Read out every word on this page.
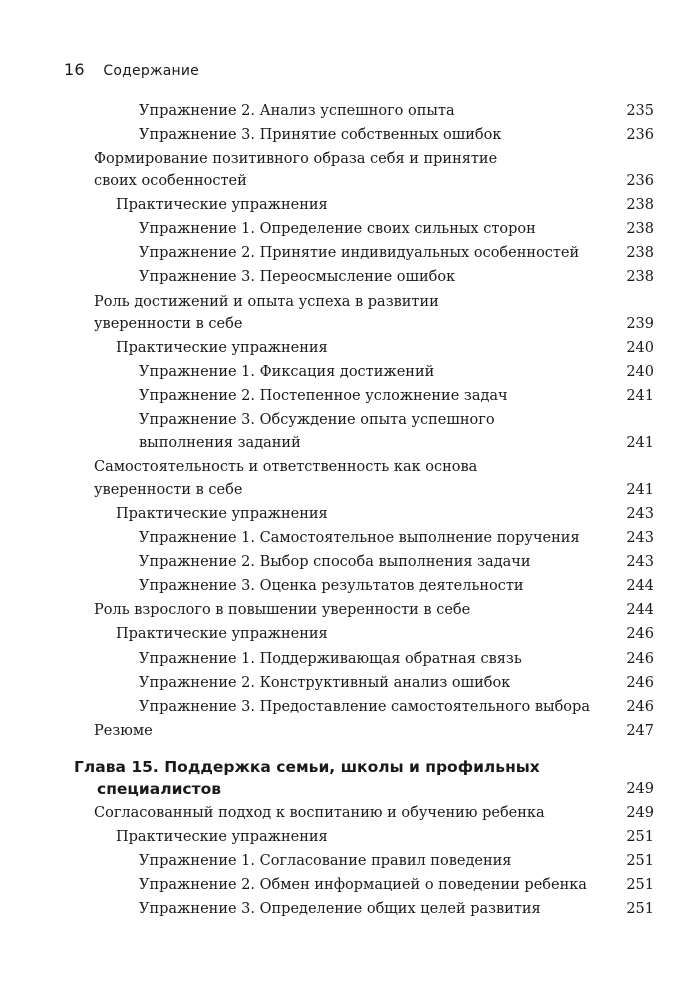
16 Содержание
Упражнение 2. Анализ успешного опыта	235
Упражнение 3. Принятие собственных ошибок	236
Формирование позитивного образа себя и принятие
своих особенностей	236
Практические упражнения	238
Упражнение 1. Определение своих сильных сторон	238
Упражнение 2. Принятие индивидуальных особенностей	238
Упражнение 3. Переосмысление ошибок	238
Роль достижений и опыта успеха в развитии
уверенности в себе	239
Практические упражнения	240
Упражнение 1. Фиксация достижений	240
Упражнение 2. Постепенное усложнение задач	241
Упражнение 3. Обсуждение опыта успешного
выполнения заданий	241
Самостоятельность и ответственность как основа
уверенности в себе	241
Практические упражнения	243
Упражнение 1. Самостоятельное выполнение поручения	243
Упражнение 2. Выбор способа выполнения задачи	243
Упражнение 3. Оценка результатов деятельности	244
Роль взрослого в повышении уверенности в себе	244
Практические упражнения	246
Упражнение 1. Поддерживающая обратная связь	246
Упражнение 2. Конструктивный анализ ошибок	246
Упражнение 3. Предоставление самостоятельного выбора	246
Резюме	247
Глава 15. Поддержка семьи, школы и профильных
специалистов	249
Согласованный подход к воспитанию и обучению ребенка	249
Практические упражнения	251
Упражнение 1. Согласование правил поведения	251
Упражнение 2. Обмен информацией о поведении ребенка	251
Упражнение 3. Определение общих целей развития	251
